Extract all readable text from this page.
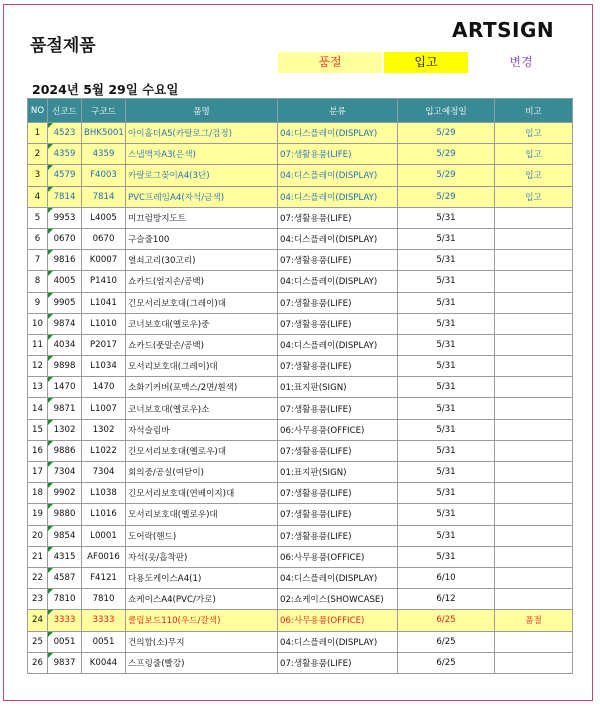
품절제품
ARTSIGN
품절	입고	변경
2024년 5월 29일 수요일
NO	신코드	구코드	품명	분류	입고예정일	비고
1	4523	BHK5001	아이홀더A5(카랄로그/검정)	04:디스플레이(DISPLAY)	5/29	입고
2	4359	4359	스냅액자A3(은색)	07:생활용품(LIFE)	5/29	입고
3	4579	F4003	카랄로그꽂이A4(3단)	04:디스플레이(DISPLAY)	5/29	입고
4	7814	7814	PVC프레임A4(자석/금색)	04:디스플레이(DISPLAY)	5/29	입고
5	9953	L4005	미끄럼방지도트	07:생활용품(LIFE)	5/31	
6	0670	0670	구슬줄100	04:디스플레이(DISPLAY)	5/31	
7	9816	K0007	열쇠고리(30고리)	07:생활용품(LIFE)	5/31	
8	4005	P1410	쇼카드(엄지손/공백)	04:디스플레이(DISPLAY)	5/31	
9	9905	L1041	긴모서리보호대(그레이)대	07:생활용품(LIFE)	5/31	
10	9874	L1010	코너보호대(옐로우)중	07:생활용품(LIFE)	5/31	
11	4034	P2017	쇼카드(풋말손/공백)	04:디스플레이(DISPLAY)	5/31	
12	9898	L1034	모서리보호대(그레이)대	07:생활용품(LIFE)	5/31	
13	1470	1470	소화기커버(포맥스/2면/흰색)	01:표지판(SIGN)	5/31	
14	9871	L1007	코너보호대(옐로우)소	07:생활용품(LIFE)	5/31	
15	1302	1302	자석슬림바	06:사무용품(OFFICE)	5/31	
16	9886	L1022	긴모서리보호대(옐로우)대	07:생활용품(LIFE)	5/31	
17	7304	7304	회의중/공실(여닫이)	01:표지판(SIGN)	5/31	
18	9902	L1038	긴모서리보호대(연베이지)대	07:생활용품(LIFE)	5/31	
19	9880	L1016	모서리보호대(옐로우)대	07:생활용품(LIFE)	5/31	
20	9854	L0001	도어락(핸드)	07:생활용품(LIFE)	5/31	
21	4315	AF0016	자석(옷/흡착판)	06:사무용품(OFFICE)	5/31	
22	4587	F4121	다용도케이스A4(1)	04:디스플레이(DISPLAY)	6/10	
23	7810	7810	쇼케이스A4(PVC/가로)	02:쇼케이스(SHOWCASE)	6/12	
24	3333	3333	클립보드110(우드/갈색)	06:사무용품(OFFICE)	6/25	품절
25	0051	0051	건의함(소)무지	04:디스플레이(DISPLAY)	6/25	
26	9837	K0044	스프링줄(빨강)	07:생활용품(LIFE)	6/25	
